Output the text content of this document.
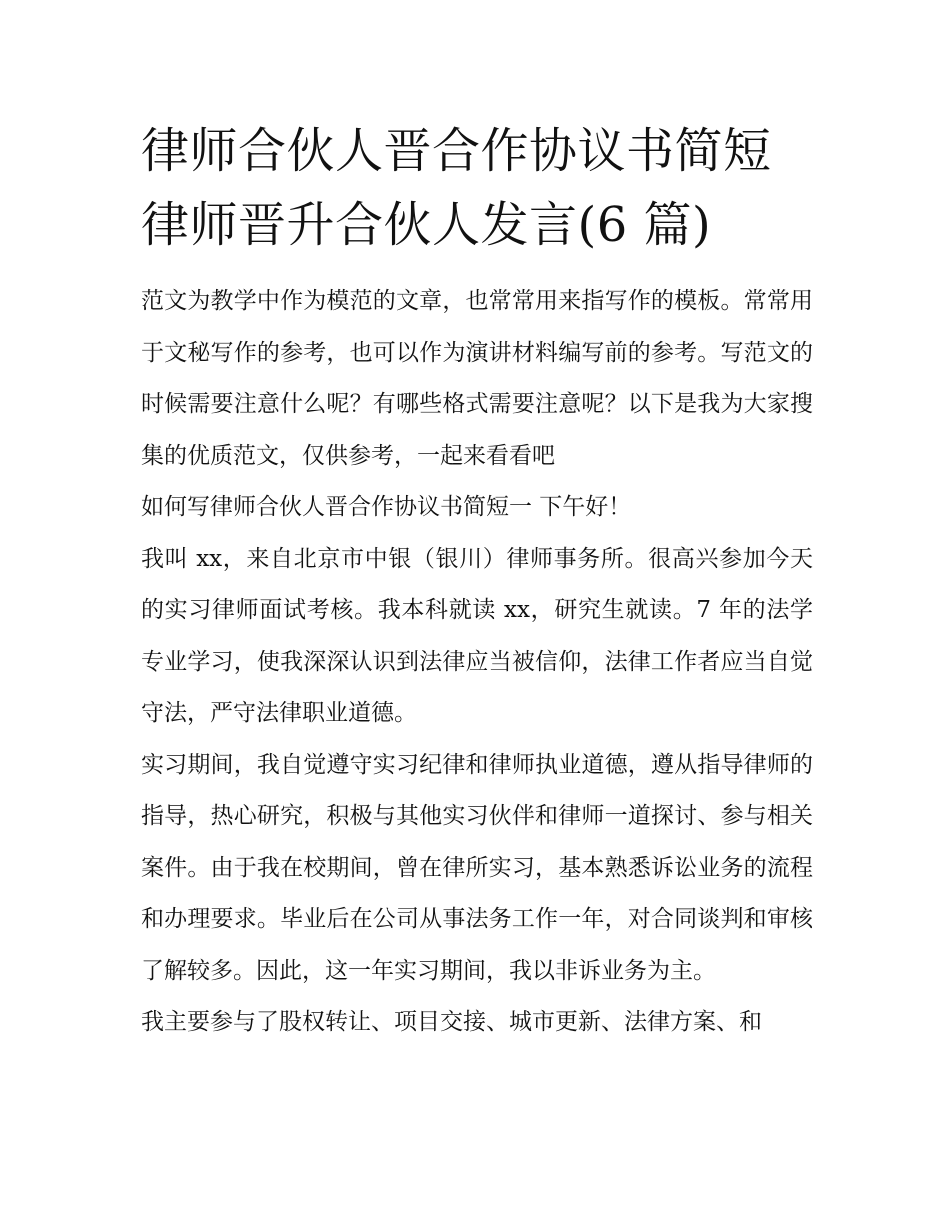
律师合伙人晋合作协议书简短
律师晋升合伙人发言(6 篇)

范文为教学中作为模范的文章，也常常用来指写作的模板。常常用于文秘写作的参考，也可以作为演讲材料编写前的参考。写范文的时候需要注意什么呢？有哪些格式需要注意呢？以下是我为大家搜集的优质范文，仅供参考，一起来看看吧

如何写律师合伙人晋合作协议书简短一 下午好！

我叫 xx，来自北京市中银（银川）律师事务所。很高兴参加今天的实习律师面试考核。我本科就读 xx，研究生就读。7 年的法学专业学习，使我深深认识到法律应当被信仰，法律工作者应当自觉守法，严守法律职业道德。

实习期间，我自觉遵守实习纪律和律师执业道德，遵从指导律师的指导，热心研究，积极与其他实习伙伴和律师一道探讨、参与相关案件。由于我在校期间，曾在律所实习，基本熟悉诉讼业务的流程和办理要求。毕业后在公司从事法务工作一年，对合同谈判和审核了解较多。因此，这一年实习期间，我以非诉业务为主。

我主要参与了股权转让、项目交接、城市更新、法律方案、和
